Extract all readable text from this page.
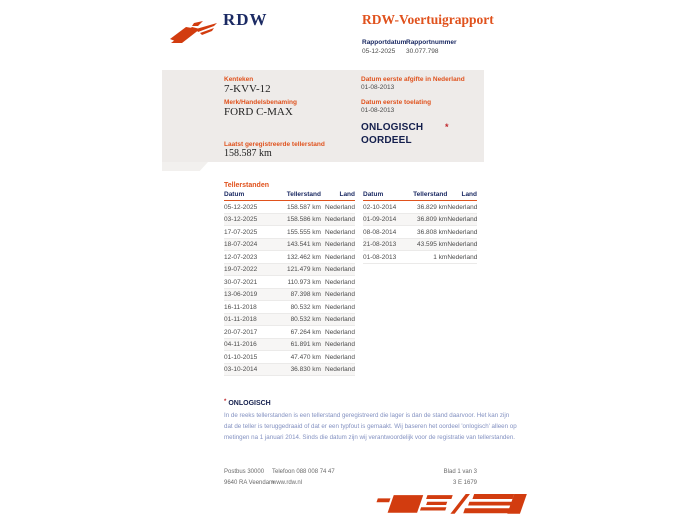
RDW	RDW-Voertuigrapport
Rapportdatum
05-12-2025
Rapportnummer
30.077.798
Kenteken
7-KVV-12
Merk/Handelsbenaming
FORD C-MAX
Laatst geregistreerde tellerstand
158.587 km
Datum eerste afgifte in Nederland
01-08-2013
Datum eerste toelating
01-08-2013
ONLOGISCH
OORDEEL
*
Tellerstanden
Datum	Tellerstand	Land
05-12-2025	158.587 km	Nederland
03-12-2025	158.586 km	Nederland
17-07-2025	155.555 km	Nederland
18-07-2024	143.541 km	Nederland
12-07-2023	132.462 km	Nederland
19-07-2022	121.479 km	Nederland
30-07-2021	110.973 km	Nederland
13-06-2019	87.398 km	Nederland
16-11-2018	80.532 km	Nederland
01-11-2018	80.532 km	Nederland
20-07-2017	67.264 km	Nederland
04-11-2016	61.891 km	Nederland
01-10-2015	47.470 km	Nederland
03-10-2014	36.830 km	Nederland
Datum	Tellerstand	Land
02-10-2014	36.829 km	Nederland
01-09-2014	36.809 km	Nederland
08-08-2014	36.808 km	Nederland
21-08-2013	43.595 km	Nederland
01-08-2013	1 km	Nederland
* ONLOGISCH
In de reeks tellerstanden is een tellerstand geregistreerd die lager is dan de stand daarvoor. Het kan zijn
dat de teller is teruggedraaid of dat er een typfout is gemaakt. Wij baseren het oordeel 'onlogisch' alleen op
metingen na 1 januari 2014. Sinds die datum zijn wij verantwoordelijk voor de registratie van tellerstanden.
Postbus 30000
9640 RA Veendam
Telefoon 088 008 74 47
www.rdw.nl
Blad 1 van 3
3 E 1679
